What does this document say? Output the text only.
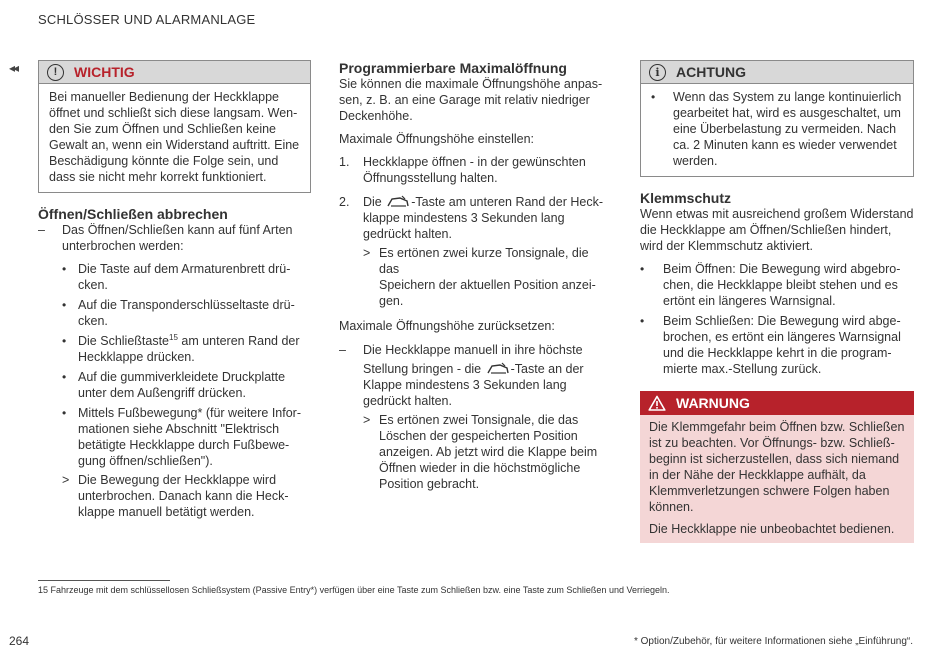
SCHLÖSSER UND ALARMANLAGE
◂◂	!	WICHTIG

Bei manueller Bedienung der Heckklappe

öffnet und schließt sich diese langsam. Wen-

den Sie zum Öffnen und Schließen keine

Gewalt an, wenn ein Widerstand auftritt. Eine

Beschädigung könnte die Folge sein, und

dass sie nicht mehr korrekt funktioniert.

Öffnen/Schließen abbrechen
–	Das Öffnen/Schließen kann auf fünf Arten

unterbrochen werden:

• Die Taste auf dem Armaturenbrett drü-

cken.

• Auf die Transponderschlüsseltaste drü-

cken.

• Die Schließtaste$^{15}$ am unteren Rand der

Heckklappe drücken.

• Auf die gummiverkleidete Druckplatte

unter dem Außengriff drücken.

• Mittels Fußbewegung* (für weitere Infor-

mationen siehe Abschnitt "Elektrisch

betätigte Heckklappe durch Fußbewe-

gung öffnen/schließen").

> Die Bewegung der Heckklappe wird

unterbrochen. Danach kann die Heck-

klappe manuell betätigt werden.

Programmierbare Maximalöffnung

Sie können die maximale Öffnungshöhe anpas-

sen, z. B. an eine Garage mit relativ niedriger

Deckenhöhe.

Maximale Öffnungshöhe einstellen:

1.	Heckklappe öffnen - in der gewünschten

Öffnungsstellung halten.

2.	Die -Taste am unteren Rand der Heck-

klappe mindestens 3 Sekunden lang

gedrückt halten.

> Es ertönen zwei kurze Tonsignale, die das

Speichern der aktuellen Position anzei-

gen.

Maximale Öffnungshöhe zurücksetzen:

–	Die Heckklappe manuell in ihre höchste

Stellung bringen - die -Taste an der

Klappe mindestens 3 Sekunden lang

gedrückt halten.

> Es ertönen zwei Tonsignale, die das

Löschen der gespeicherten Position

anzeigen. Ab jetzt wird die Klappe beim

Öffnen wieder in die höchstmögliche

Position gebracht.

i	ACHTUNG
•	Wenn das System zu lange kontinuierlich

gearbeitet hat, wird es ausgeschaltet, um

eine Überbelastung zu vermeiden. Nach

ca. 2 Minuten kann es wieder verwendet

werden.

Klemmschutz

Wenn etwas mit ausreichend großem Widerstand

die Heckklappe am Öffnen/Schließen hindert,

wird der Klemmschutz aktiviert.

•	Beim Öffnen: Die Bewegung wird abgebro-

chen, die Heckklappe bleibt stehen und es

ertönt ein längeres Warnsignal.

•	Beim Schließen: Die Bewegung wird abge-

brochen, es ertönt ein längeres Warnsignal

und die Heckklappe kehrt in die program-

mierte max.-Stellung zurück.

WARNUNG

Die Klemmgefahr beim Öffnen bzw. Schließen

ist zu beachten. Vor Öffnungs- bzw. Schließ-

beginn ist sicherzustellen, dass sich niemand

in der Nähe der Heckklappe aufhält, da

Klemmverletzungen schwere Folgen haben

können.

Die Heckklappe nie unbeobachtet bedienen.

15 Fahrzeuge mit dem schlüssellosen Schließsystem (Passive Entry*) verfügen über eine Taste zum Schließen bzw. eine Taste zum Schließen und Verriegeln.
264	* Option/Zubehör, für weitere Informationen siehe „Einführung“.
